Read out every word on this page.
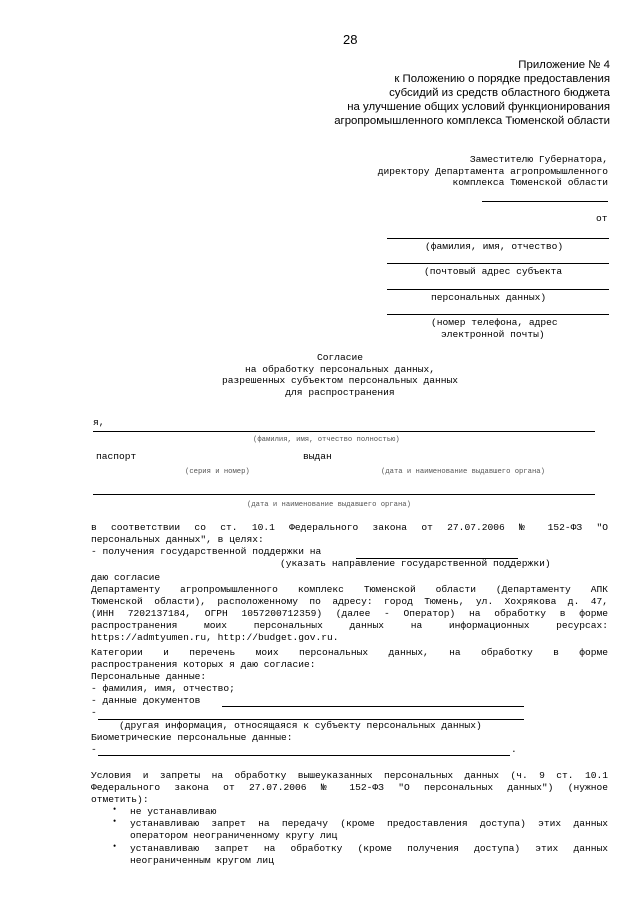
28
Приложение № 4
к Положению о порядке предоставления
субсидий из средств областного бюджета
на улучшение общих условий функционирования
агропромышленного комплекса Тюменской области
Заместителю Губернатора,
директору Департамента агропромышленного
комплекса Тюменской области
от
(фамилия, имя, отчество)
(почтовый адрес субъекта
персональных данных)
(номер телефона, адрес
электронной почты)
Согласие
на обработку персональных данных,
разрешенных субъектом персональных данных
для распространения
я,
(фамилия, имя, отчество полностью)
паспорт	выдан
(серия и номер)	(дата и наименование выдавшего органа)
(дата и наименование выдавшего органа)
в соответствии со ст. 10.1 Федерального закона от 27.07.2006 № 152-ФЗ "О
персональных данных", в целях:
- получения государственной поддержки на
(указать направление государственной поддержки)
даю согласие
Департаменту агропромышленного комплекс Тюменской области (Департаменту АПК
Тюменской области), расположенному по адресу: город Тюмень, ул. Хохрякова д. 47,
(ИНН 7202137184, ОГРН 1057200712359) (далее - Оператор) на обработку в форме
распространения моих персональных данных на информационных ресурсах:
https://admtyumen.ru, http://budget.gov.ru.
Категории и перечень моих персональных данных, на обработку в форме
распространения которых я даю согласие:
Персональные данные:
- фамилия, имя, отчество;
- данные документов
-
(другая информация, относящаяся к субъекту персональных данных)
Биометрические персональные данные:
-	.
Условия и запреты на обработку вышеуказанных персональных данных (ч. 9 ст. 10.1
Федерального закона от 27.07.2006 № 152-ФЗ "О персональных данных") (нужное
отметить):
• не устанавливаю
• устанавливаю запрет на передачу (кроме предоставления доступа) этих данных
оператором неограниченному кругу лиц
• устанавливаю запрет на обработку (кроме получения доступа) этих данных
неограниченным кругом лиц
